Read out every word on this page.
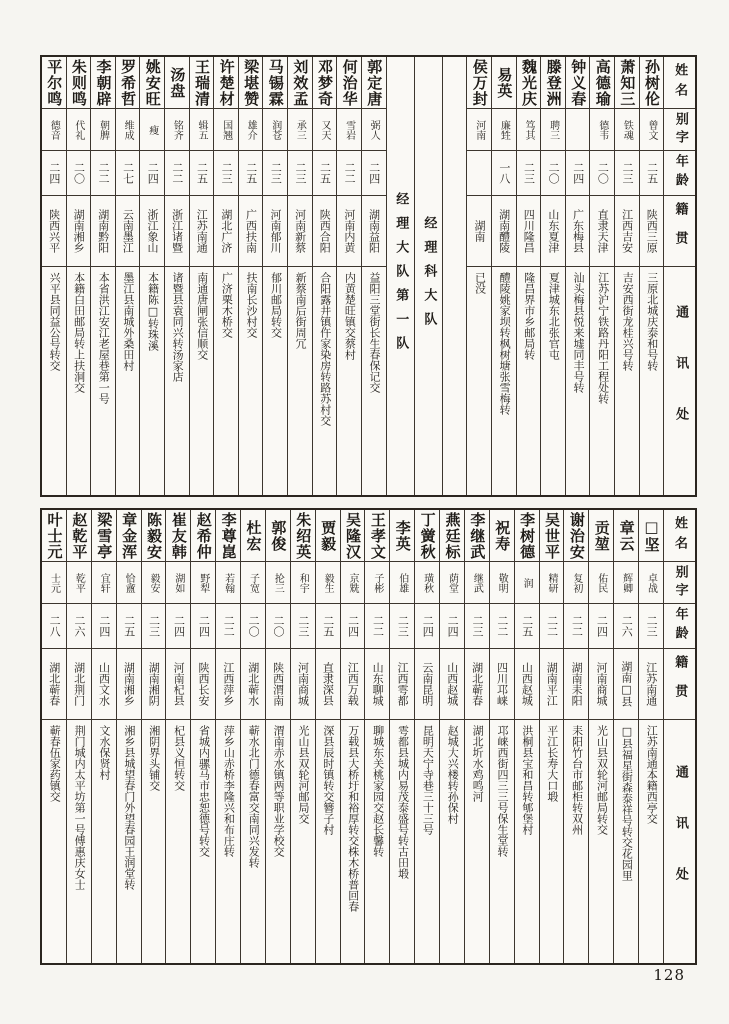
姓名
别字
年龄
籍贯
通讯处
孙树伦
曾文
二五
陕西三原
三原北城庆泰和号转
萧知三
铁魂
二三
江西吉安
吉安西街龙桂兴号转
高德瑜
德韦
二〇
直隶天津
江苏沪宁铁路丹阳工程处转
钟义春
二四
广东梅县
汕头梅县悦来墟同丰号转
滕登洲
聘三
二〇
山东夏津
夏津城东北张官屯
魏光庆
笃其
二三
四川隆昌
隆昌界市乡邮局转
易英
廉甡
一八
湖南醴陵
醴陵姚家坝转枫树塘张雪梅转
侯万封
河南
湖南
已没
经理科大队
经理大队第一队
郭定唐
弼人
二四
湖南益阳
益阳三堂街长生春保记交
何治华
雪岩
二二
河南内黄
内黄楚旺镇交蔡村
邓梦奇
又天
二五
陕西合阳
合阳露井镇仵家染房转路苏村交
刘效孟
承三
二三
河南新蔡
新蔡南后街周冗
马锡霖
润苍
二三
河南郁川
郁川邮局转交
梁堪赞
雄介
二五
广西扶南
扶南长沙村交
许楚材
国翘
二三
湖北广济
广济栗木桥交
王瑞清
辑五
二五
江苏南通
南通唐闸张信顺交
汤盘
铭齐
二二
浙江诸暨
诸暨县袁同兴转汤家店
姚安旺
瘦
二四
浙江象山
本籍陈□转珠溪
罗希哲
维成
二七
云南墨江
墨江县南城外桑田村
李朝辟
朝脾
二二
湖南黔阳
本省洪江安江老屋巷第一号
朱则鸣
代礼
二〇
湖南湘乡
本籍白田邮局转上扶洞交
平尔鸣
德音
二四
陕西兴平
兴平县同益公号转交
姓名
别字
年龄
籍贯
通讯处
□坚
卓战
二三
江苏南通
江苏南通本籍西亭交
章云
辉卿
二六
湖南□县
□县福星街森泰祥号转交花园里
贡堃
佑民
二四
河南商城
光山县双轮河邮局转交
谢治安
复初
二二
湖南耒阳
耒阳竹台市邮柜转双州
吴世平
精研
二二
湖南平江
平江长寿大口塅
李树德
润
二五
山西赵城
洪桐县宝和昌转郇堡村
祝寿
敬明
二二
四川邛崃
邛崃西街四三三号保生堂转
李继武
继武
二三
湖北蕲春
湖北圻水鸡鸣河
燕廷标
荫堂
二四
山西赵城
赵城大兴楼转孙保村
丁黉秋
璜秋
二四
云南昆明
昆明天宁寺巷三十三号
李英
伯雄
二三
江西雩都
雩都县城内易茂泰盛号转古田塅
王孝文
子彬
二二
山东聊城
聊城东关桃家园交赵长馨转
吴隆汉
京兟
二四
江西万载
万载县大桥圩和裕厚转交株木桥普回春
贾毅
毅生
二五
直隶深县
深县辰时镇转交簪子村
朱绍英
和宇
二三
河南商城
光山县双轮河邮局交
郭俊
抡三
二〇
陕西渭南
渭南赤水镇两等职业学校交
杜宏
子宽
二〇
湖北蕲水
蕲水北门德春富交南同兴发转
李尊崑
若翰
二二
江西萍乡
萍乡山赤桥李隆兴和布庄转
赵希仲
野犁
二四
陕西长安
省城内骡马市忠恕德号转交
崔友韩
湖如
二四
河南杞县
杞县义恒转交
陈毅安
毅安
二三
湖南湘阴
湘阴界头铺交
章金浑
恰盦
二五
湖南湘乡
湘乡县城望春门外望春园王润堂转
梁雪亭
宜轩
二四
山西文水
文水保贤村
赵乾平
乾平
二六
湖北荆门
荆门城内太平坊第一号傅惠庆女士
叶士元
士元
二八
湖北蕲春
蕲春伍家药镇交
128
